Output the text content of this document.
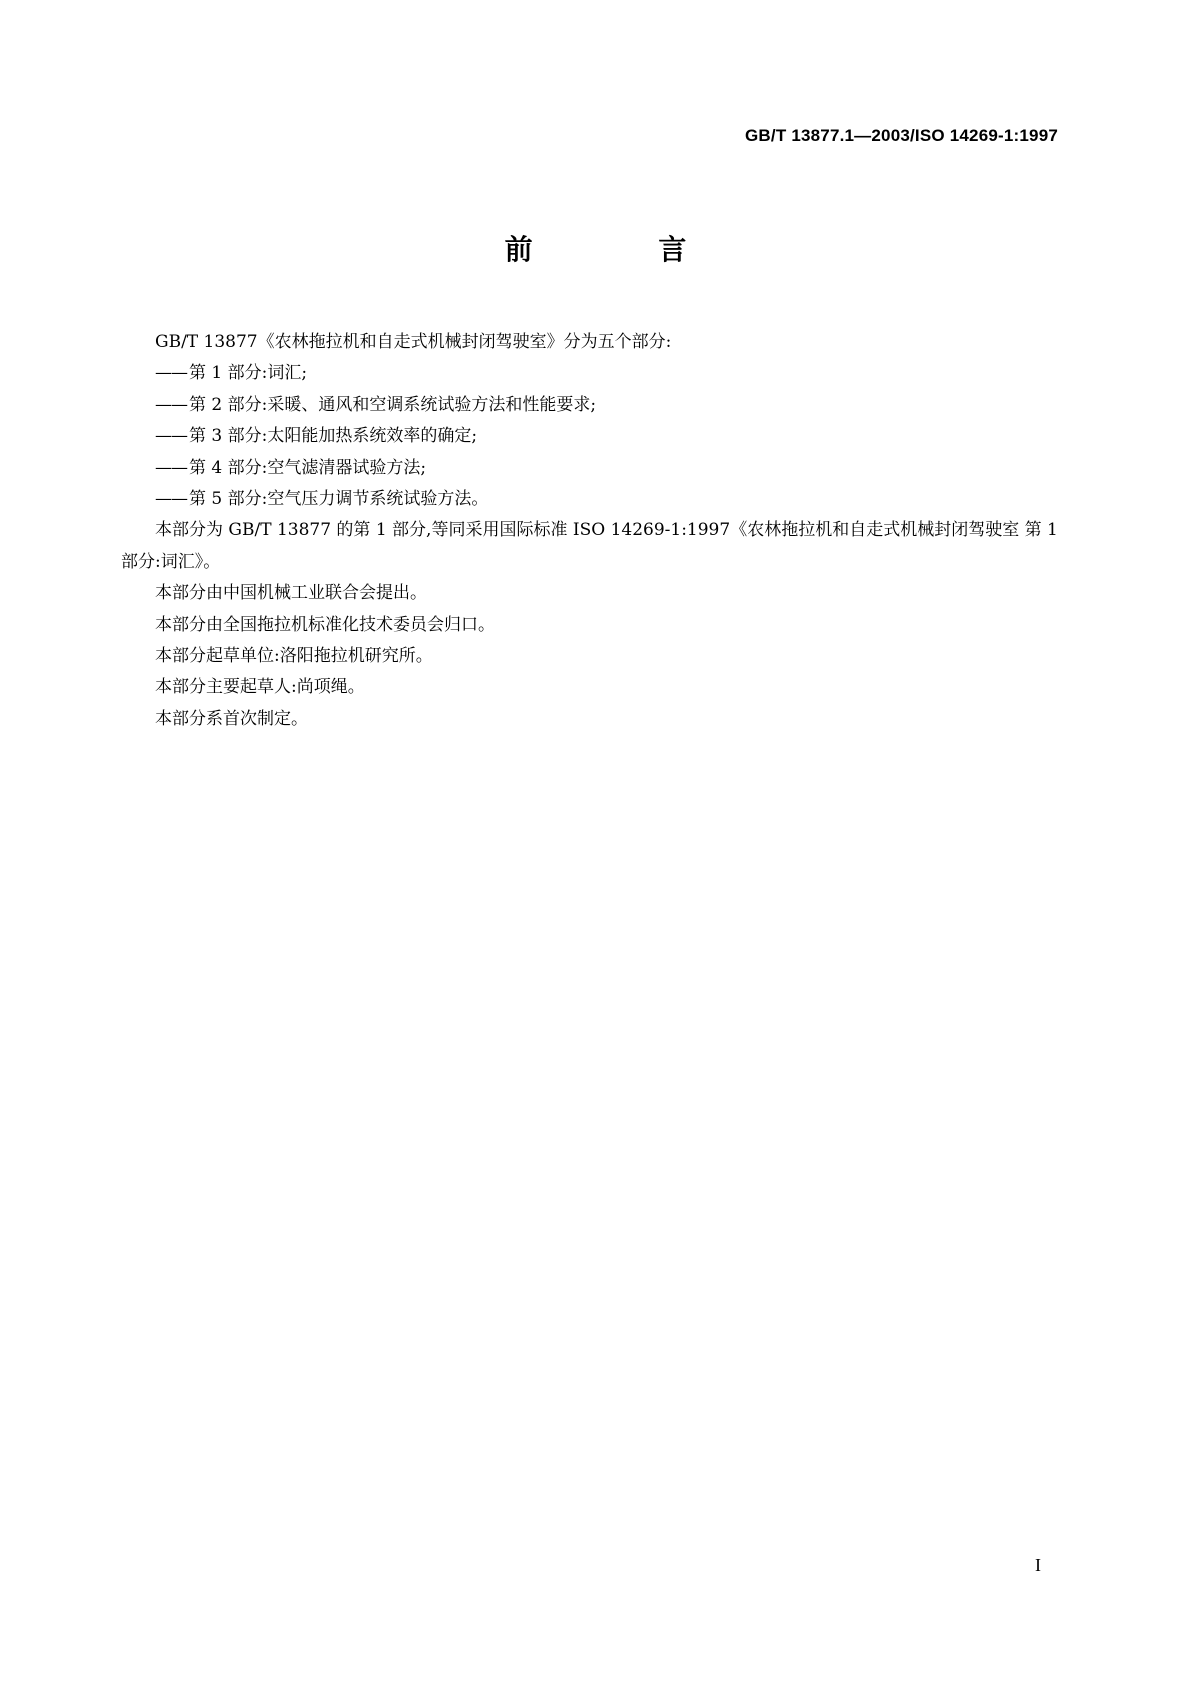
GB/T 13877.1—2003/ISO 14269-1:1997
前 言

GB/T 13877《农林拖拉机和自走式机械封闭驾驶室》分为五个部分:

—— 第 1 部分:词汇;

—— 第 2 部分:采暖、通风和空调系统试验方法和性能要求;

—— 第 3 部分:太阳能加热系统效率的确定;

—— 第 4 部分:空气滤清器试验方法;

—— 第 5 部分:空气压力调节系统试验方法。

本部分为 GB/T 13877 的第 1 部分,等同采用国际标准 ISO 14269-1:1997《农林拖拉机和自走式机械封闭驾驶室 第 1 部分:词汇》。

本部分由中国机械工业联合会提出。

本部分由全国拖拉机标准化技术委员会归口。

本部分起草单位:洛阳拖拉机研究所。

本部分主要起草人:尚项绳。

本部分系首次制定。

I
